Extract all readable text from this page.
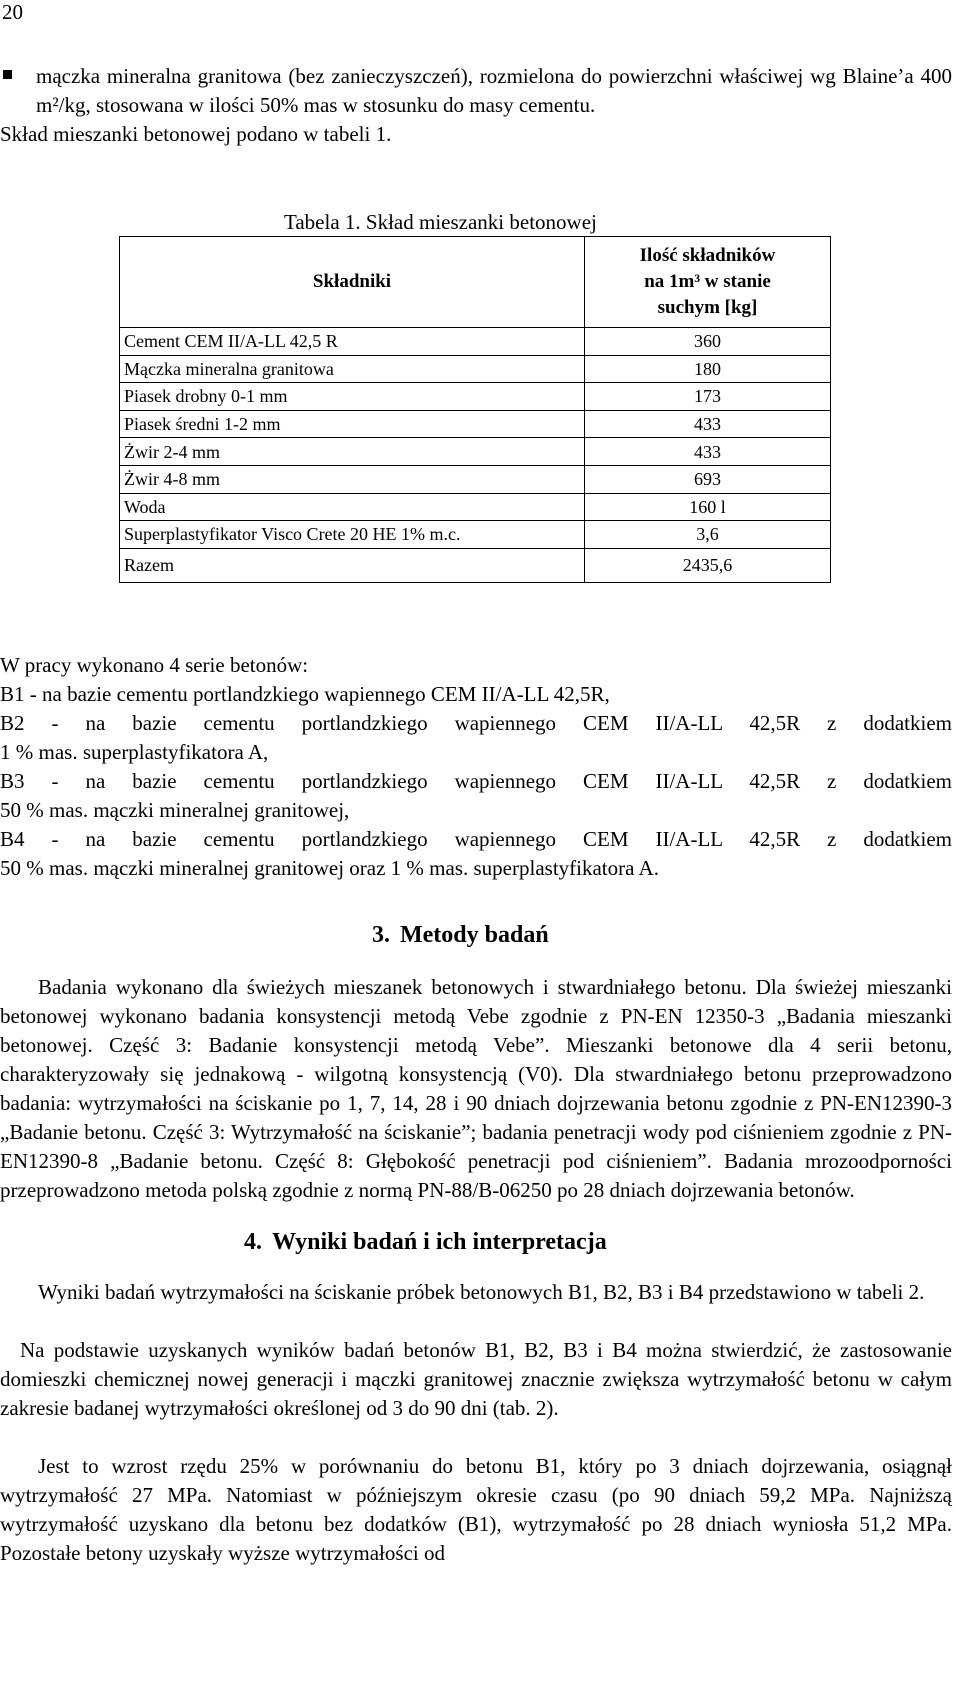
20
mączka mineralna granitowa (bez zanieczyszczeń), rozmielona do powierzchni właściwej wg Blaine’a 400 m²/kg, stosowana w ilości 50% mas w stosunku do masy cementu.
Skład mieszanki betonowej podano w tabeli 1.
Tabela 1. Skład mieszanki betonowej
Składniki	Ilość składników
na 1m³ w stanie
suchym [kg]
Cement CEM II/A-LL 42,5 R	360
Mączka mineralna granitowa	180
Piasek drobny 0-1 mm	173
Piasek średni 1-2 mm	433
Żwir 2-4 mm	433
Żwir 4-8 mm	693
Woda	160 l
Superplastyfikator Visco Crete 20 HE 1% m.c.	3,6
Razem	2435,6

W pracy wykonano 4 serie betonów:

B1 - na bazie cementu portlandzkiego wapiennego CEM II/A-LL 42,5R,

B2 - na bazie cementu portlandzkiego wapiennego CEM II/A-LL 42,5R z dodatkiem

1 % mas. superplastyfikatora A,

B3 - na bazie cementu portlandzkiego wapiennego CEM II/A-LL 42,5R z dodatkiem

50 % mas. mączki mineralnej granitowej,

B4 - na bazie cementu portlandzkiego wapiennego CEM II/A-LL 42,5R z dodatkiem

50 % mas. mączki mineralnej granitowej oraz 1 % mas. superplastyfikatora A.

3. Metody badań

Badania wykonano dla świeżych mieszanek betonowych i stwardniałego betonu. Dla świeżej mieszanki betonowej wykonano badania konsystencji metodą Vebe zgodnie z PN-EN 12350-3 „Badania mieszanki betonowej. Część 3: Badanie konsystencji metodą Vebe”. Mieszanki betonowe dla 4 serii betonu, charakteryzowały się jednakową - wilgotną konsystencją (V0). Dla stwardniałego betonu przeprowadzono badania: wytrzymałości na ściskanie po 1, 7, 14, 28 i 90 dniach dojrzewania betonu zgodnie z PN-EN12390-3 „Badanie betonu. Część 3: Wytrzymałość na ściskanie”; badania penetracji wody pod ciśnieniem zgodnie z PN-EN12390-8 „Badanie betonu. Część 8: Głębokość penetracji pod ciśnieniem”. Badania mrozoodporności przeprowadzono metoda polską zgodnie z normą PN-88/B-06250 po 28 dniach dojrzewania betonów.

4. Wyniki badań i ich interpretacja

Wyniki badań wytrzymałości na ściskanie próbek betonowych B1, B2, B3 i B4 przedstawiono w tabeli 2.

Na podstawie uzyskanych wyników badań betonów B1, B2, B3 i B4 można stwierdzić, że zastosowanie domieszki chemicznej nowej generacji i mączki granitowej znacznie zwiększa wytrzymałość betonu w całym zakresie badanej wytrzymałości określonej od 3 do 90 dni (tab. 2).

Jest to wzrost rzędu 25% w porównaniu do betonu B1, który po 3 dniach dojrzewania, osiągnął wytrzymałość 27 MPa. Natomiast w późniejszym okresie czasu (po 90 dniach 59,2 MPa. Najniższą wytrzymałość uzyskano dla betonu bez dodatków (B1), wytrzymałość po 28 dniach wyniosła 51,2 MPa. Pozostałe betony uzyskały wyższe wytrzymałości od
